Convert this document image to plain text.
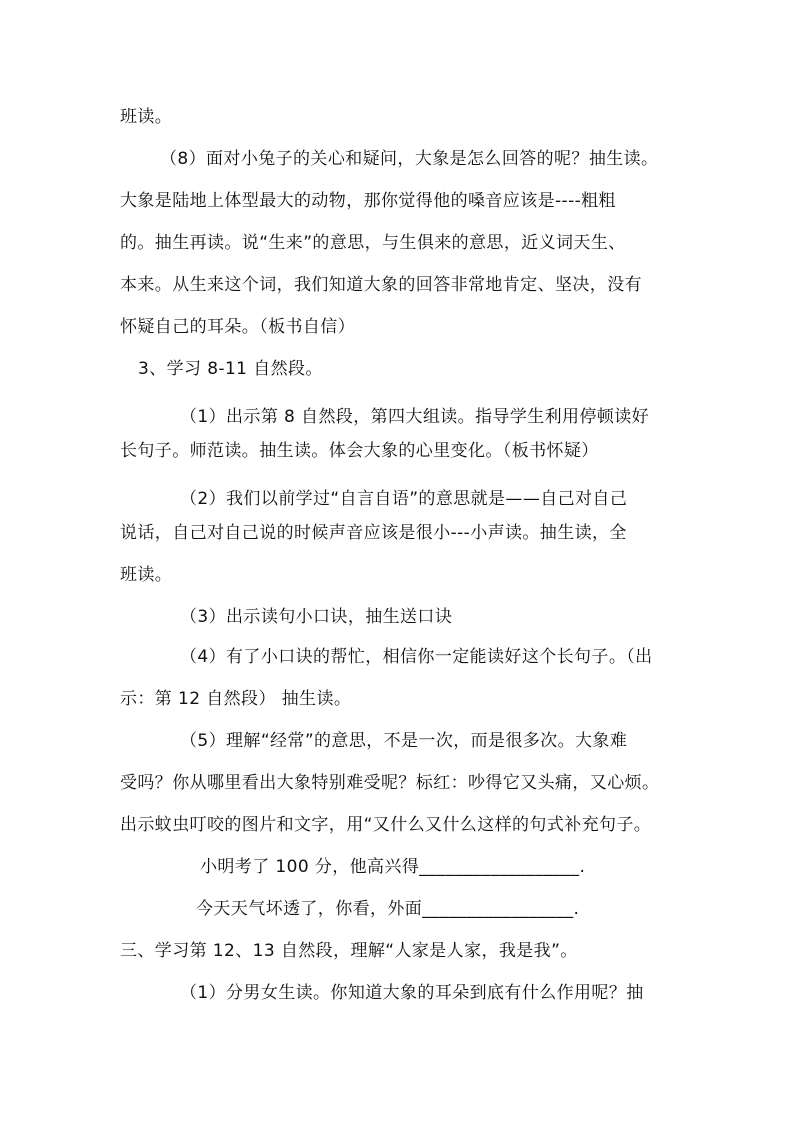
班读。
（8）面对小兔子的关心和疑问，大象是怎么回答的呢？抽生读。
大象是陆地上体型最大的动物，那你觉得他的嗓音应该是----粗粗
的。抽生再读。说“生来”的意思，与生俱来的意思，近义词天生、
本来。从生来这个词，我们知道大象的回答非常地肯定、坚决，没有
怀疑自己的耳朵。（板书自信）
3、学习 8-11 自然段。
（1）出示第 8 自然段，第四大组读。指导学生利用停顿读好
长句子。师范读。抽生读。体会大象的心里变化。（板书怀疑）
（2）我们以前学过“自言自语”的意思就是——自己对自己
说话，自己对自己说的时候声音应该是很小---小声读。抽生读，全
班读。
（3）出示读句小口诀，抽生送口诀
（4）有了小口诀的帮忙，相信你一定能读好这个长句子。（出
示：第 12 自然段） 抽生读。
（5）理解“经常”的意思，不是一次，而是很多次。大象难
受吗？你从哪里看出大象特别难受呢？标红：吵得它又头痛，又心烦。
出示蚊虫叮咬的图片和文字，用“又什么又什么这样的句式补充句子。
小明考了 100 分，他高兴得__________________.
今天天气坏透了，你看，外面_________________.
三、学习第 12、13 自然段，理解“人家是人家，我是我”。
（1）分男女生读。你知道大象的耳朵到底有什么作用呢？抽
